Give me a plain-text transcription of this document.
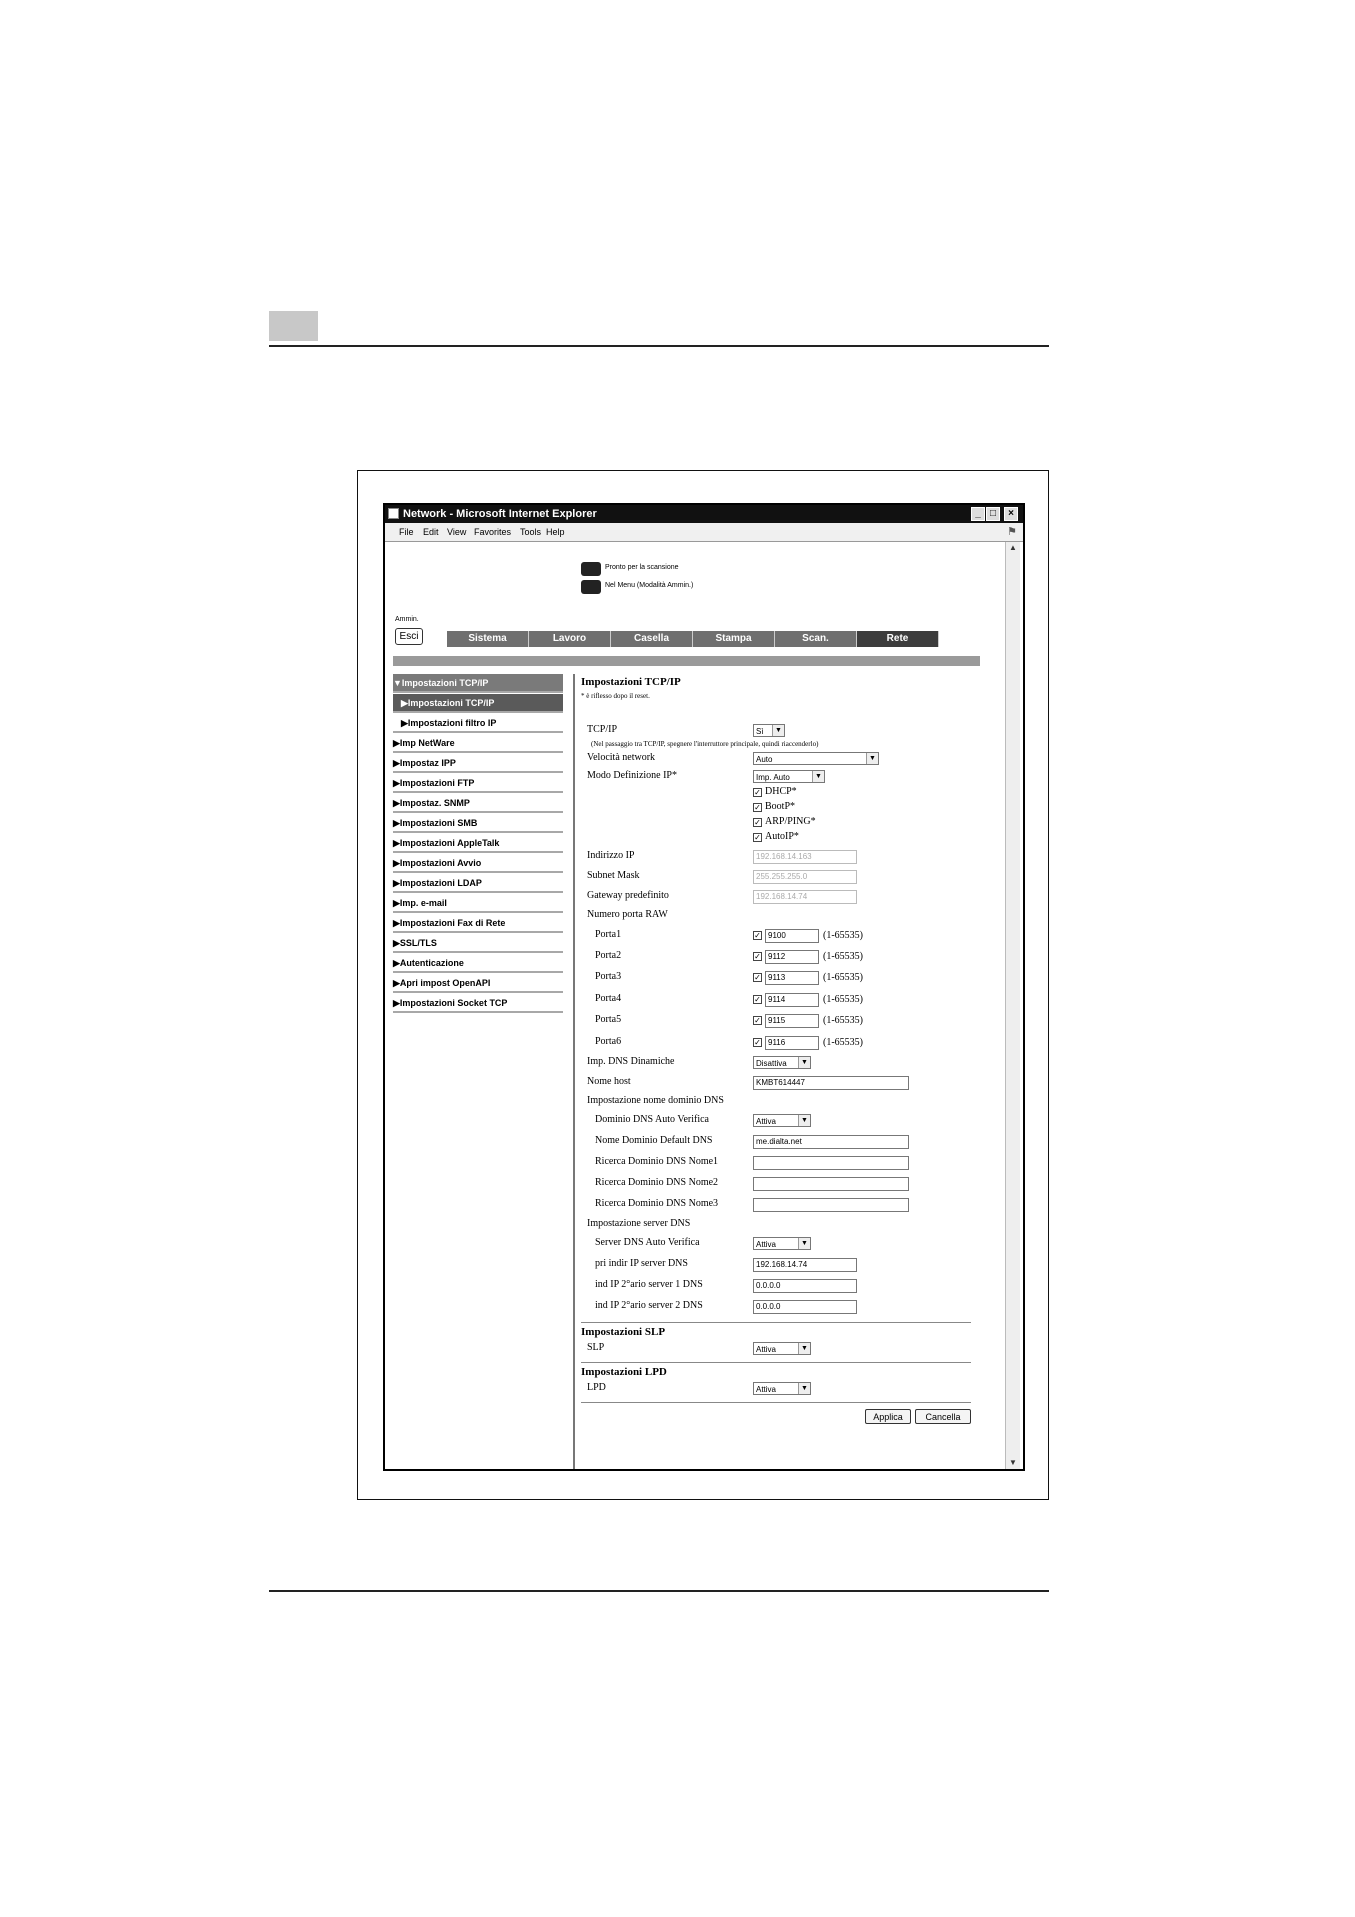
Network - Microsoft Internet Explorer	_ □	×
File Edit View Favorites Tools Help	⚑
Pronto per la scansione
Nel Menu (Modalità Ammin.)
Ammin.
Esci	Sistema	Lavoro	Casella	Stampa	Scan.	Rete
▼Impostazioni TCP/IP
▶Impostazioni TCP/IP
▶Impostazioni filtro IP
▶Imp NetWare
▶Impostaz IPP
▶Impostazioni FTP
▶Impostaz. SNMP
▶Impostazioni SMB
▶Impostazioni AppleTalk
▶Impostazioni Avvio
▶Impostazioni LDAP
▶Imp. e-mail
▶Impostazioni Fax di Rete
▶SSL/TLS
▶Autenticazione
▶Apri impost OpenAPI
▶Impostazioni Socket TCP
Impostazioni TCP/IP
* è riflesso dopo il reset.
TCP/IP	Sì	▼
(Nel passaggio tra TCP/IP, spegnere l'interruttore principale, quindi riaccenderlo)
Velocità network	Auto	▼
Modo Definizione IP*	Imp. Auto	▼
✓ DHCP*
✓ BootP*
✓ ARP/PING*
✓ AutoIP*
Indirizzo IP	192.168.14.163
Subnet Mask	255.255.255.0
Gateway predefinito	192.168.14.74
Numero porta RAW
Porta1	✓ 9100	(1-65535)
Porta2	✓ 9112	(1-65535)
Porta3	✓ 9113	(1-65535)
Porta4	✓ 9114	(1-65535)
Porta5	✓ 9115	(1-65535)
Porta6	✓ 9116	(1-65535)
Imp. DNS Dinamiche	Disattiva	▼
Nome host	KMBT614447
Impostazione nome dominio DNS
Dominio DNS Auto Verifica	Attiva	▼
Nome Dominio Default DNS	me.dialta.net
Ricerca Dominio DNS Nome1
Ricerca Dominio DNS Nome2
Ricerca Dominio DNS Nome3
Impostazione server DNS
Server DNS Auto Verifica	Attiva	▼
pri indir IP server DNS	192.168.14.74
ind IP 2°ario server 1 DNS	0.0.0.0
ind IP 2°ario server 2 DNS	0.0.0.0
Impostazioni SLP
SLP	Attiva	▼
Impostazioni LPD
LPD	Attiva	▼
Applica	Cancella
▲
▼
